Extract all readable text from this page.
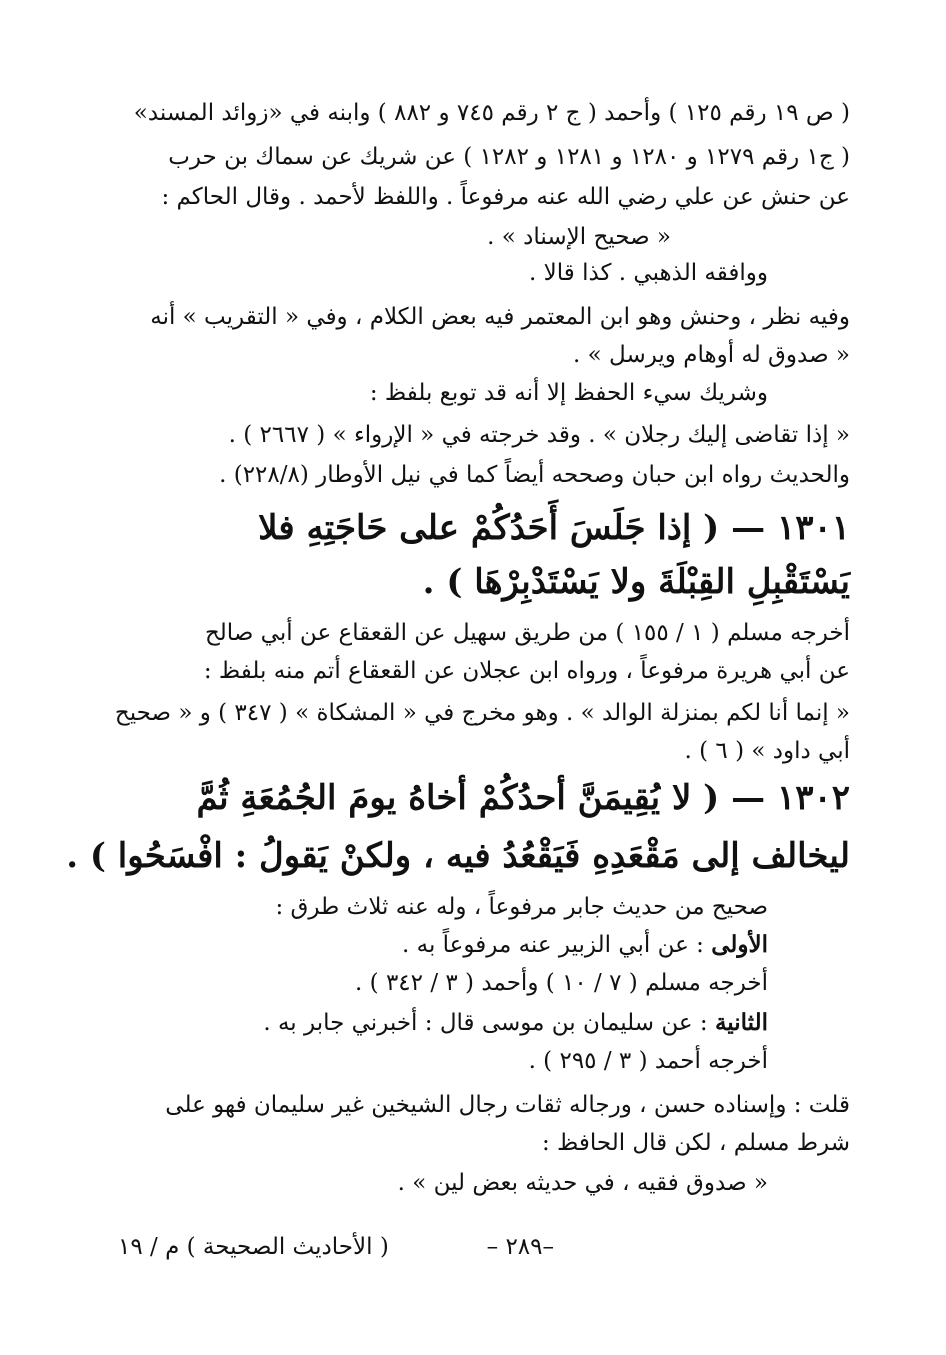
( ص ١٩ رقم ١٢٥ ) وأحمد ( ج ٢ رقم ٧٤٥ و ٨٨٢ ) وابنه في «زوائد المسند»
( ج١ رقم ١٢٧٩ و ١٢٨٠ و ١٢٨١ و ١٢٨٢ ) عن شريك عن سماك بن حرب
عن حنش عن علي رضي الله عنه مرفوعاً . واللفظ لأحمد . وقال الحاكم :
« صحيح الإسناد » .
ووافقه الذهبي . كذا قالا .
وفيه نظر ، وحنش وهو ابن المعتمر فيه بعض الكلام ، وفي « التقريب » أنه
« صدوق له أوهام ويرسل » .
وشريك سيء الحفظ إلا أنه قد توبع بلفظ :
« إذا تقاضى إليك رجلان » . وقد خرجته في « الإرواء » ( ٢٦٦٧ ) .
والحديث رواه ابن حبان وصححه أيضاً كما في نيل الأوطار (٢٢٨/٨) .
١٣٠١ — ( إذا جَلَسَ أَحَدُكُمْ على حَاجَتِهِ فلا
يَسْتَقْبِلِ القِبْلَةَ ولا يَسْتَدْبِرْهَا ) .
أخرجه مسلم ( ١ / ١٥٥ ) من طريق سهيل عن القعقاع عن أبي صالح
عن أبي هريرة مرفوعاً ، ورواه ابن عجلان عن القعقاع أتم منه بلفظ :
« إنما أنا لكم بمنزلة الوالد » . وهو مخرج في « المشكاة » ( ٣٤٧ ) و « صحيح
أبي داود » ( ٦ ) .
١٣٠٢ — ( لا يُقِيمَنَّ أحدُكُمْ أخاهُ يومَ الجُمُعَةِ ثُمَّ
ليخالف إلى مَقْعَدِهِ فَيَقْعُدُ فيه ، ولكنْ يَقولُ : افْسَحُوا ) .
صحيح من حديث جابر مرفوعاً ، وله عنه ثلاث طرق :
الأولى : عن أبي الزبير عنه مرفوعاً به .
أخرجه مسلم ( ٧ / ١٠ ) وأحمد ( ٣ / ٣٤٢ ) .
الثانية : عن سليمان بن موسى قال : أخبرني جابر به .
أخرجه أحمد ( ٣ / ٢٩٥ ) .
قلت : وإسناده حسن ، ورجاله ثقات رجال الشيخين غير سليمان فهو على
شرط مسلم ، لكن قال الحافظ :
« صدوق فقيه ، في حديثه بعض لين » .
–٢٨٩ –
( الأحاديث الصحيحة ) م / ١٩
